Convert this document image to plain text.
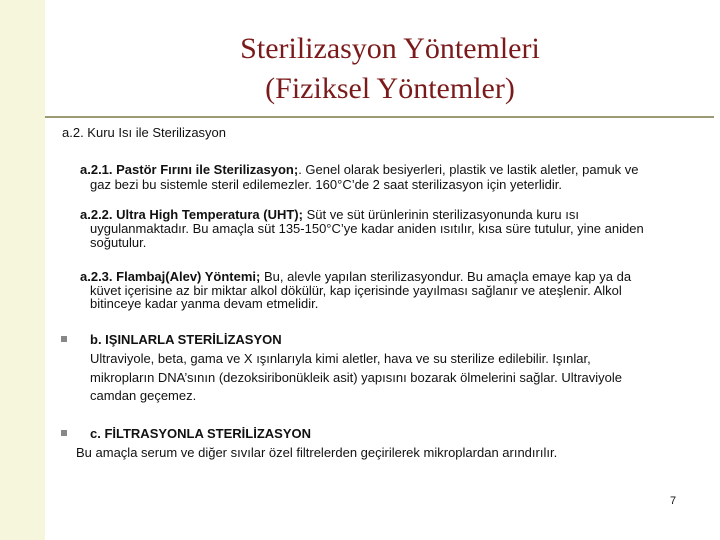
Sterilizasyon Yöntemleri
(Fiziksel Yöntemler)
a.2. Kuru Isı ile Sterilizasyon
a.2.1. Pastör Fırını ile Sterilizasyon;. Genel olarak besiyerleri, plastik ve lastik aletler, pamuk ve
gaz bezi bu sistemle steril edilemezler. 160°C’de 2 saat sterilizasyon için yeterlidir.
a.2.2. Ultra High Temperatura (UHT); Süt ve süt ürünlerinin sterilizasyonunda kuru ısı
uygulanmaktadır. Bu amaçla süt 135-150°C’ye kadar aniden ısıtılır, kısa süre tutulur, yine aniden
soğutulur.
a.2.3. Flambaj(Alev) Yöntemi; Bu, alevle yapılan sterilizasyondur. Bu amaçla emaye kap ya da
küvet içerisine az bir miktar alkol dökülür, kap içerisinde yayılması sağlanır ve ateşlenir. Alkol
bitinceye kadar yanma devam etmelidir.
b. IŞINLARLA STERİLİZASYON
Ultraviyole, beta, gama ve X ışınlarıyla kimi aletler, hava ve su sterilize edilebilir. Işınlar,
mikropların DNA’sının (dezoksiribonükleik asit) yapısını bozarak ölmelerini sağlar. Ultraviyole
camdan geçemez.
c. FİLTRASYONLA STERİLİZASYON
Bu amaçla serum ve diğer sıvılar özel filtrelerden geçirilerek mikroplardan arındırılır.
7
